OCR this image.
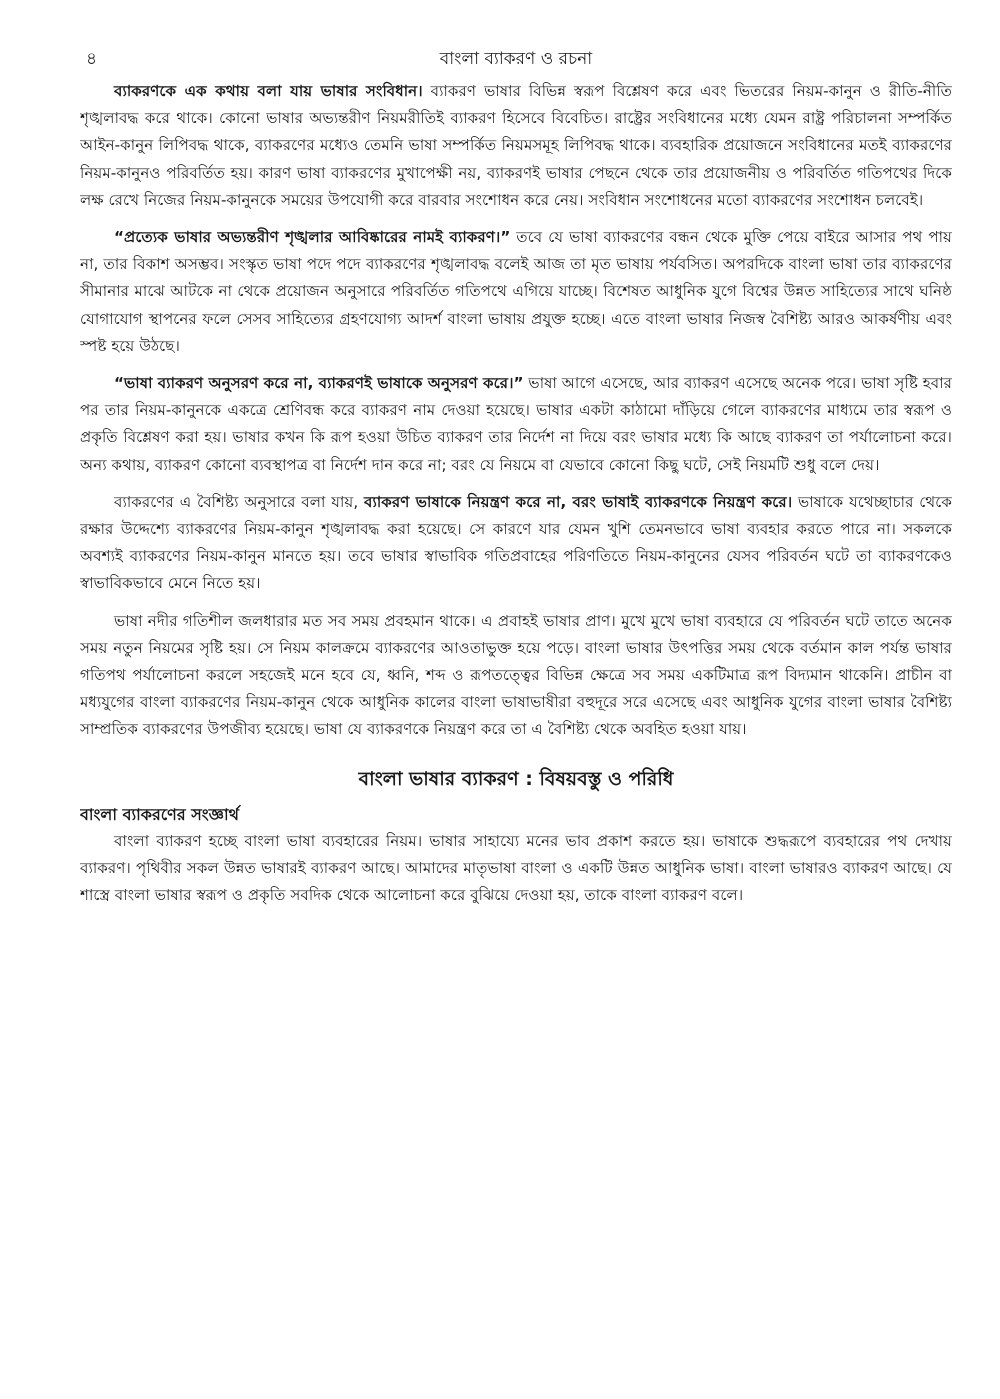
৪	বাংলা ব্যাকরণ ও রচনা

ব্যাকরণকে এক কথায় বলা যায় ভাষার সংবিধান। ব্যাকরণ ভাষার বিভিন্ন স্বরূপ বিশ্লেষণ করে এবং ভিতরের নিয়ম-কানুন ও রীতি-নীতি শৃঙ্খলাবদ্ধ করে থাকে। কোনো ভাষার অভ্যন্তরীণ নিয়মরীতিই ব্যাকরণ হিসেবে বিবেচিত। রাষ্ট্রের সংবিধানের মধ্যে যেমন রাষ্ট্র পরিচালনা সম্পর্কিত আইন-কানুন লিপিবদ্ধ থাকে, ব্যাকরণের মধ্যেও তেমনি ভাষা সম্পর্কিত নিয়মসমূহ লিপিবদ্ধ থাকে। ব্যবহারিক প্রয়োজনে সংবিধানের মতই ব্যাকরণের নিয়ম-কানুনও পরিবর্তিত হয়। কারণ ভাষা ব্যাকরণের মুখাপেক্ষী নয়, ব্যাকরণই ভাষার পেছনে থেকে তার প্রয়োজনীয় ও পরিবর্তিত গতিপথের দিকে লক্ষ রেখে নিজের নিয়ম-কানুনকে সময়ের উপযোগী করে বারবার সংশোধন করে নেয়। সংবিধান সংশোধনের মতো ব্যাকরণের সংশোধন চলবেই।

“প্রত্যেক ভাষার অভ্যন্তরীণ শৃঙ্খলার আবিষ্কারের নামই ব্যাকরণ।” তবে যে ভাষা ব্যাকরণের বন্ধন থেকে মুক্তি পেয়ে বাইরে আসার পথ পায় না, তার বিকাশ অসম্ভব। সংস্কৃত ভাষা পদে পদে ব্যাকরণের শৃঙ্খলাবদ্ধ বলেই আজ তা মৃত ভাষায় পর্যবসিত। অপরদিকে বাংলা ভাষা তার ব্যাকরণের সীমানার মাঝে আটকে না থেকে প্রয়োজন অনুসারে পরিবর্তিত গতিপথে এগিয়ে যাচ্ছে। বিশেষত আধুনিক যুগে বিশ্বের উন্নত সাহিত্যের সাথে ঘনিষ্ঠ যোগাযোগ স্থাপনের ফলে সেসব সাহিত্যের গ্রহণযোগ্য আদর্শ বাংলা ভাষায় প্রযুক্ত হচ্ছে। এতে বাংলা ভাষার নিজস্ব বৈশিষ্ট্য আরও আকর্ষণীয় এবং স্পষ্ট হয়ে উঠছে।

“ভাষা ব্যাকরণ অনুসরণ করে না, ব্যাকরণই ভাষাকে অনুসরণ করে।” ভাষা আগে এসেছে, আর ব্যাকরণ এসেছে অনেক পরে। ভাষা সৃষ্টি হবার পর তার নিয়ম-কানুনকে একত্রে শ্রেণিবন্ধ করে ব্যাকরণ নাম দেওয়া হয়েছে। ভাষার একটা কাঠামো দাঁড়িয়ে গেলে ব্যাকরণের মাধ্যমে তার স্বরূপ ও প্রকৃতি বিশ্লেষণ করা হয়। ভাষার কখন কি রূপ হওয়া উচিত ব্যাকরণ তার নির্দেশ না দিয়ে বরং ভাষার মধ্যে কি আছে ব্যাকরণ তা পর্যালোচনা করে। অন্য কথায়, ব্যাকরণ কোনো ব্যবস্থাপত্র বা নির্দেশ দান করে না; বরং যে নিয়মে বা যেভাবে কোনো কিছু ঘটে, সেই নিয়মটি শুধু বলে দেয়।

ব্যাকরণের এ বৈশিষ্ট্য অনুসারে বলা যায়, ব্যাকরণ ভাষাকে নিয়ন্ত্রণ করে না, বরং ভাষাই ব্যাকরণকে নিয়ন্ত্রণ করে। ভাষাকে যথেচ্ছাচার থেকে রক্ষার উদ্দেশ্যে ব্যাকরণের নিয়ম-কানুন শৃঙ্খলাবদ্ধ করা হয়েছে। সে কারণে যার যেমন খুশি তেমনভাবে ভাষা ব্যবহার করতে পারে না। সকলকে অবশ্যই ব্যাকরণের নিয়ম-কানুন মানতে হয়। তবে ভাষার স্বাভাবিক গতিপ্রবাহের পরিণতিতে নিয়ম-কানুনের যেসব পরিবর্তন ঘটে তা ব্যাকরণকেও স্বাভাবিকভাবে মেনে নিতে হয়।

ভাষা নদীর গতিশীল জলধারার মত সব সময় প্রবহমান থাকে। এ প্রবাহই ভাষার প্রাণ। মুখে মুখে ভাষা ব্যবহারে যে পরিবর্তন ঘটে তাতে অনেক সময় নতুন নিয়মের সৃষ্টি হয়। সে নিয়ম কালক্রমে ব্যাকরণের আওতাভুক্ত হয়ে পড়ে। বাংলা ভাষার উৎপত্তির সময় থেকে বর্তমান কাল পর্যন্ত ভাষার গতিপথ পর্যালোচনা করলে সহজেই মনে হবে যে, ধ্বনি, শব্দ ও রূপতত্ত্বের বিভিন্ন ক্ষেত্রে সব সময় একটিমাত্র রূপ বিদ্যমান থাকেনি। প্রাচীন বা মধ্যযুগের বাংলা ব্যাকরণের নিয়ম-কানুন থেকে আধুনিক কালের বাংলা ভাষাভাষীরা বহুদূরে সরে এসেছে এবং আধুনিক যুগের বাংলা ভাষার বৈশিষ্ট্য সাম্প্রতিক ব্যাকরণের উপজীব্য হয়েছে। ভাষা যে ব্যাকরণকে নিয়ন্ত্রণ করে তা এ বৈশিষ্ট্য থেকে অবহিত হওয়া যায়।

বাংলা ভাষার ব্যাকরণ : বিষয়বস্তু ও পরিধি
বাংলা ব্যাকরণের সংজ্ঞার্থ

বাংলা ব্যাকরণ হচ্ছে বাংলা ভাষা ব্যবহারের নিয়ম। ভাষার সাহায্যে মনের ভাব প্রকাশ করতে হয়। ভাষাকে শুদ্ধরূপে ব্যবহারের পথ দেখায় ব্যাকরণ। পৃথিবীর সকল উন্নত ভাষারই ব্যাকরণ আছে। আমাদের মাতৃভাষা বাংলা ও একটি উন্নত আধুনিক ভাষা। বাংলা ভাষারও ব্যাকরণ আছে। যে শাস্ত্রে বাংলা ভাষার স্বরূপ ও প্রকৃতি সবদিক থেকে আলোচনা করে বুঝিয়ে দেওয়া হয়, তাকে বাংলা ব্যাকরণ বলে।
